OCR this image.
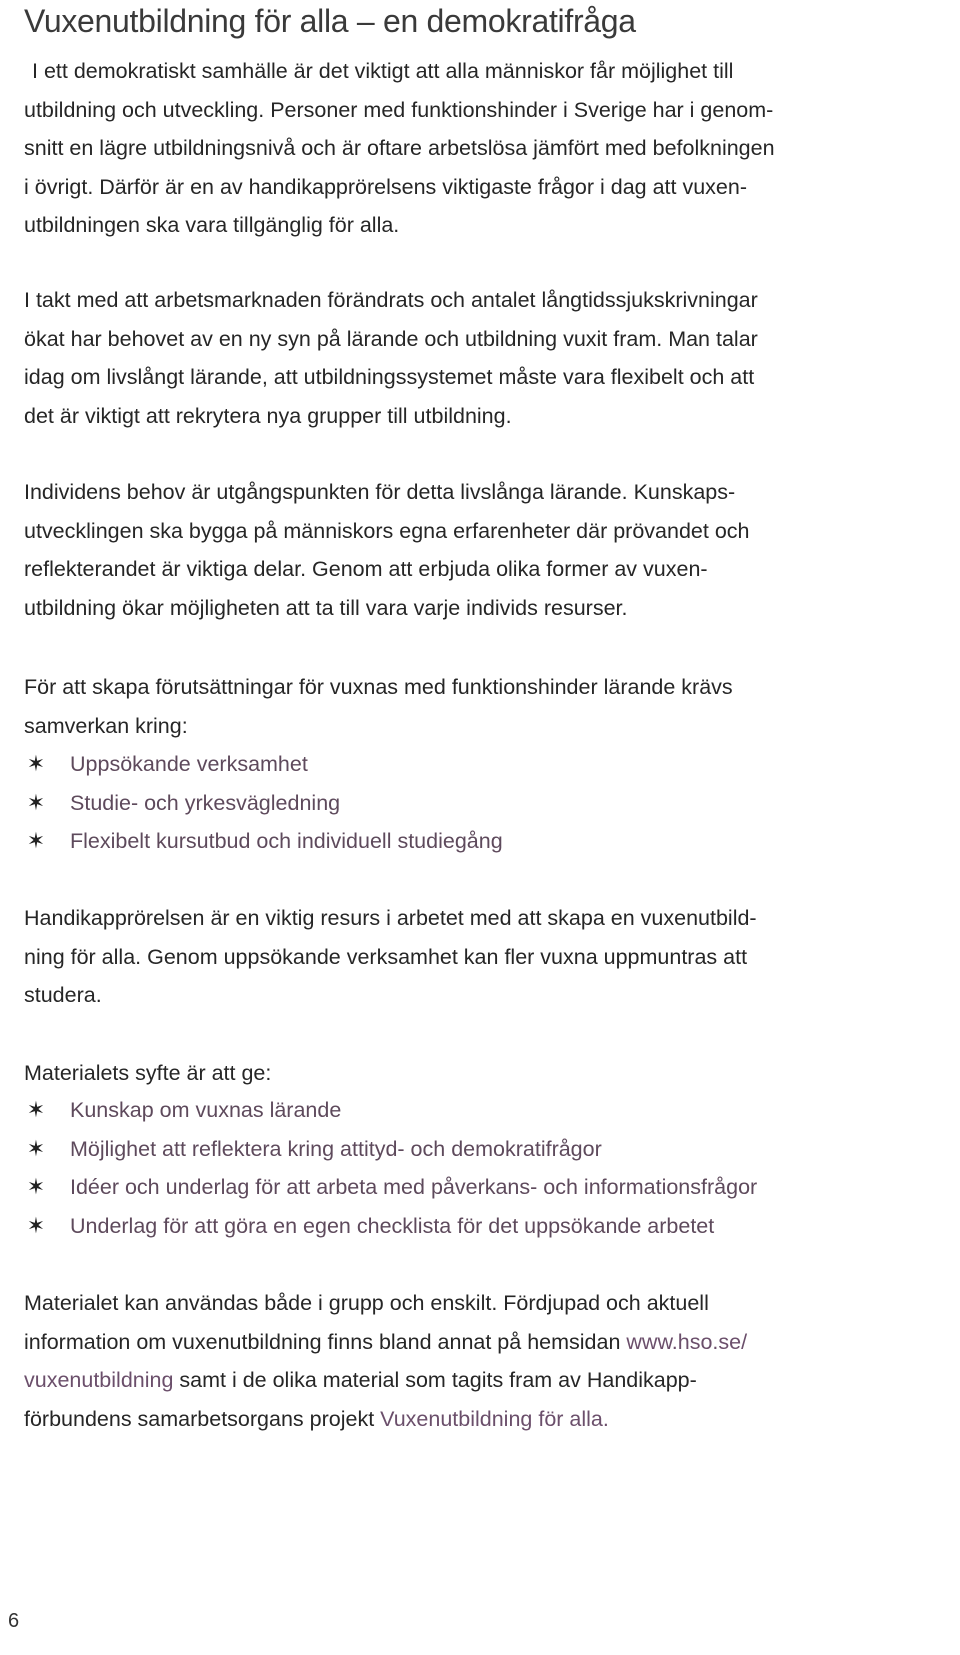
Vuxenutbildning för alla – en demokratifråga
I ett demokratiskt samhälle är det viktigt att alla människor får möjlighet till
utbildning och utveckling. Personer med funktionshinder i Sverige har i genom-
snitt en lägre utbildningsnivå och är oftare arbetslösa jämfört med befolkningen
i övrigt. Därför är en av handikapprörelsens viktigaste frågor i dag att vuxen-
utbildningen ska vara tillgänglig för alla.
I takt med att arbetsmarknaden förändrats och antalet långtidssjukskrivningar
ökat har behovet av en ny syn på lärande och utbildning vuxit fram. Man talar
idag om livslångt lärande, att utbildningssystemet måste vara flexibelt och att
det är viktigt att rekrytera nya grupper till utbildning.
Individens behov är utgångspunkten för detta livslånga lärande. Kunskaps-
utvecklingen ska bygga på människors egna erfarenheter där prövandet och
reflekterandet är viktiga delar. Genom att erbjuda olika former av vuxen-
utbildning ökar möjligheten att ta till vara varje individs resurser.
För att skapa förutsättningar för vuxnas med funktionshinder lärande krävs
samverkan kring:
✶ Uppsökande verksamhet
✶ Studie- och yrkesvägledning
✶ Flexibelt kursutbud och individuell studiegång
Handikapprörelsen är en viktig resurs i arbetet med att skapa en vuxenutbild-
ning för alla. Genom uppsökande verksamhet kan fler vuxna uppmuntras att
studera.
Materialets syfte är att ge:
✶ Kunskap om vuxnas lärande
✶ Möjlighet att reflektera kring attityd- och demokratifrågor
✶ Idéer och underlag för att arbeta med påverkans- och informationsfrågor
✶ Underlag för att göra en egen checklista för det uppsökande arbetet
Materialet kan användas både i grupp och enskilt. Fördjupad och aktuell
information om vuxenutbildning finns bland annat på hemsidan www.hso.se/
vuxenutbildning samt i de olika material som tagits fram av Handikapp-
förbundens samarbetsorgans projekt Vuxenutbildning för alla.
6
